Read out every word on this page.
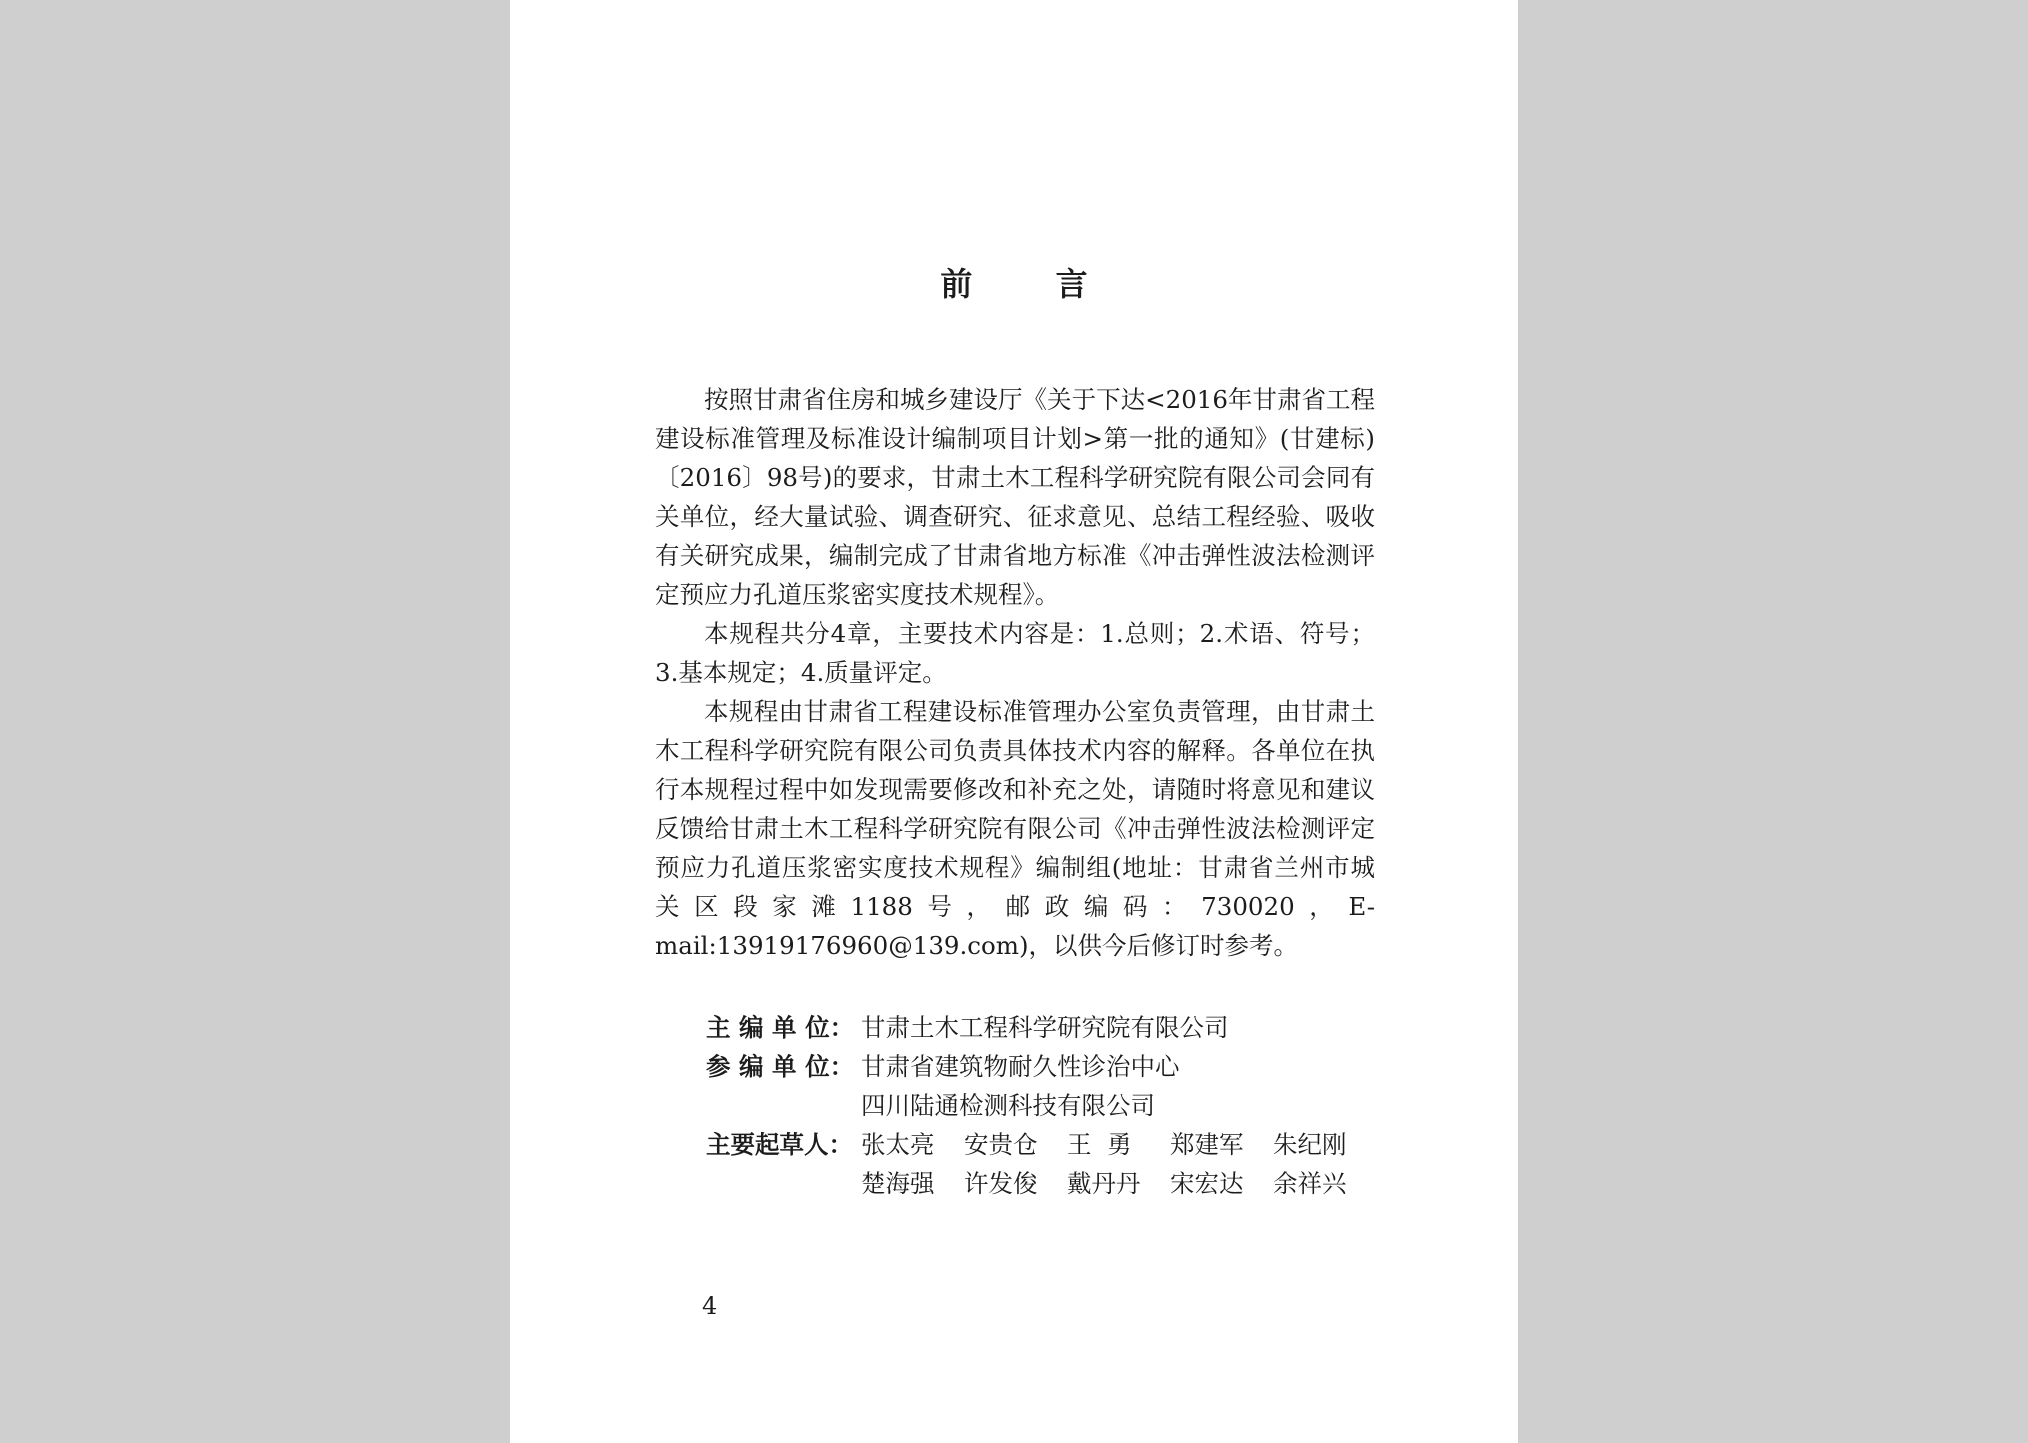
前 言

按照甘肃省住房和城乡建设厅《关于下达<2016年甘肃省工程建设标准管理及标准设计编制项目计划>第一批的通知》(甘建标)〔2016〕98号)的要求，甘肃土木工程科学研究院有限公司会同有关单位，经大量试验、调查研究、征求意见、总结工程经验、吸收有关研究成果，编制完成了甘肃省地方标准《冲击弹性波法检测评定预应力孔道压浆密实度技术规程》。

本规程共分4章，主要技术内容是：1.总则；2.术语、符号；3.基本规定；4.质量评定。

本规程由甘肃省工程建设标准管理办公室负责管理，由甘肃土木工程科学研究院有限公司负责具体技术内容的解释。各单位在执行本规程过程中如发现需要修改和补充之处，请随时将意见和建议反馈给甘肃土木工程科学研究院有限公司《冲击弹性波法检测评定预应力孔道压浆密实度技术规程》编制组(地址：甘肃省兰州市城关区段家滩1188号，邮政编码：730020，E-mail:13919176960@139.com)，以供今后修订时参考。

主 编 单 位： 甘肃土木工程科学研究院有限公司
参 编 单 位： 甘肃省建筑物耐久性诊治中心
四川陆通检测科技有限公司
主要起草人： 张太亮	安贵仓	王  勇	郑建军	朱纪刚
楚海强	许发俊	戴丹丹	宋宏达	余祥兴
4
